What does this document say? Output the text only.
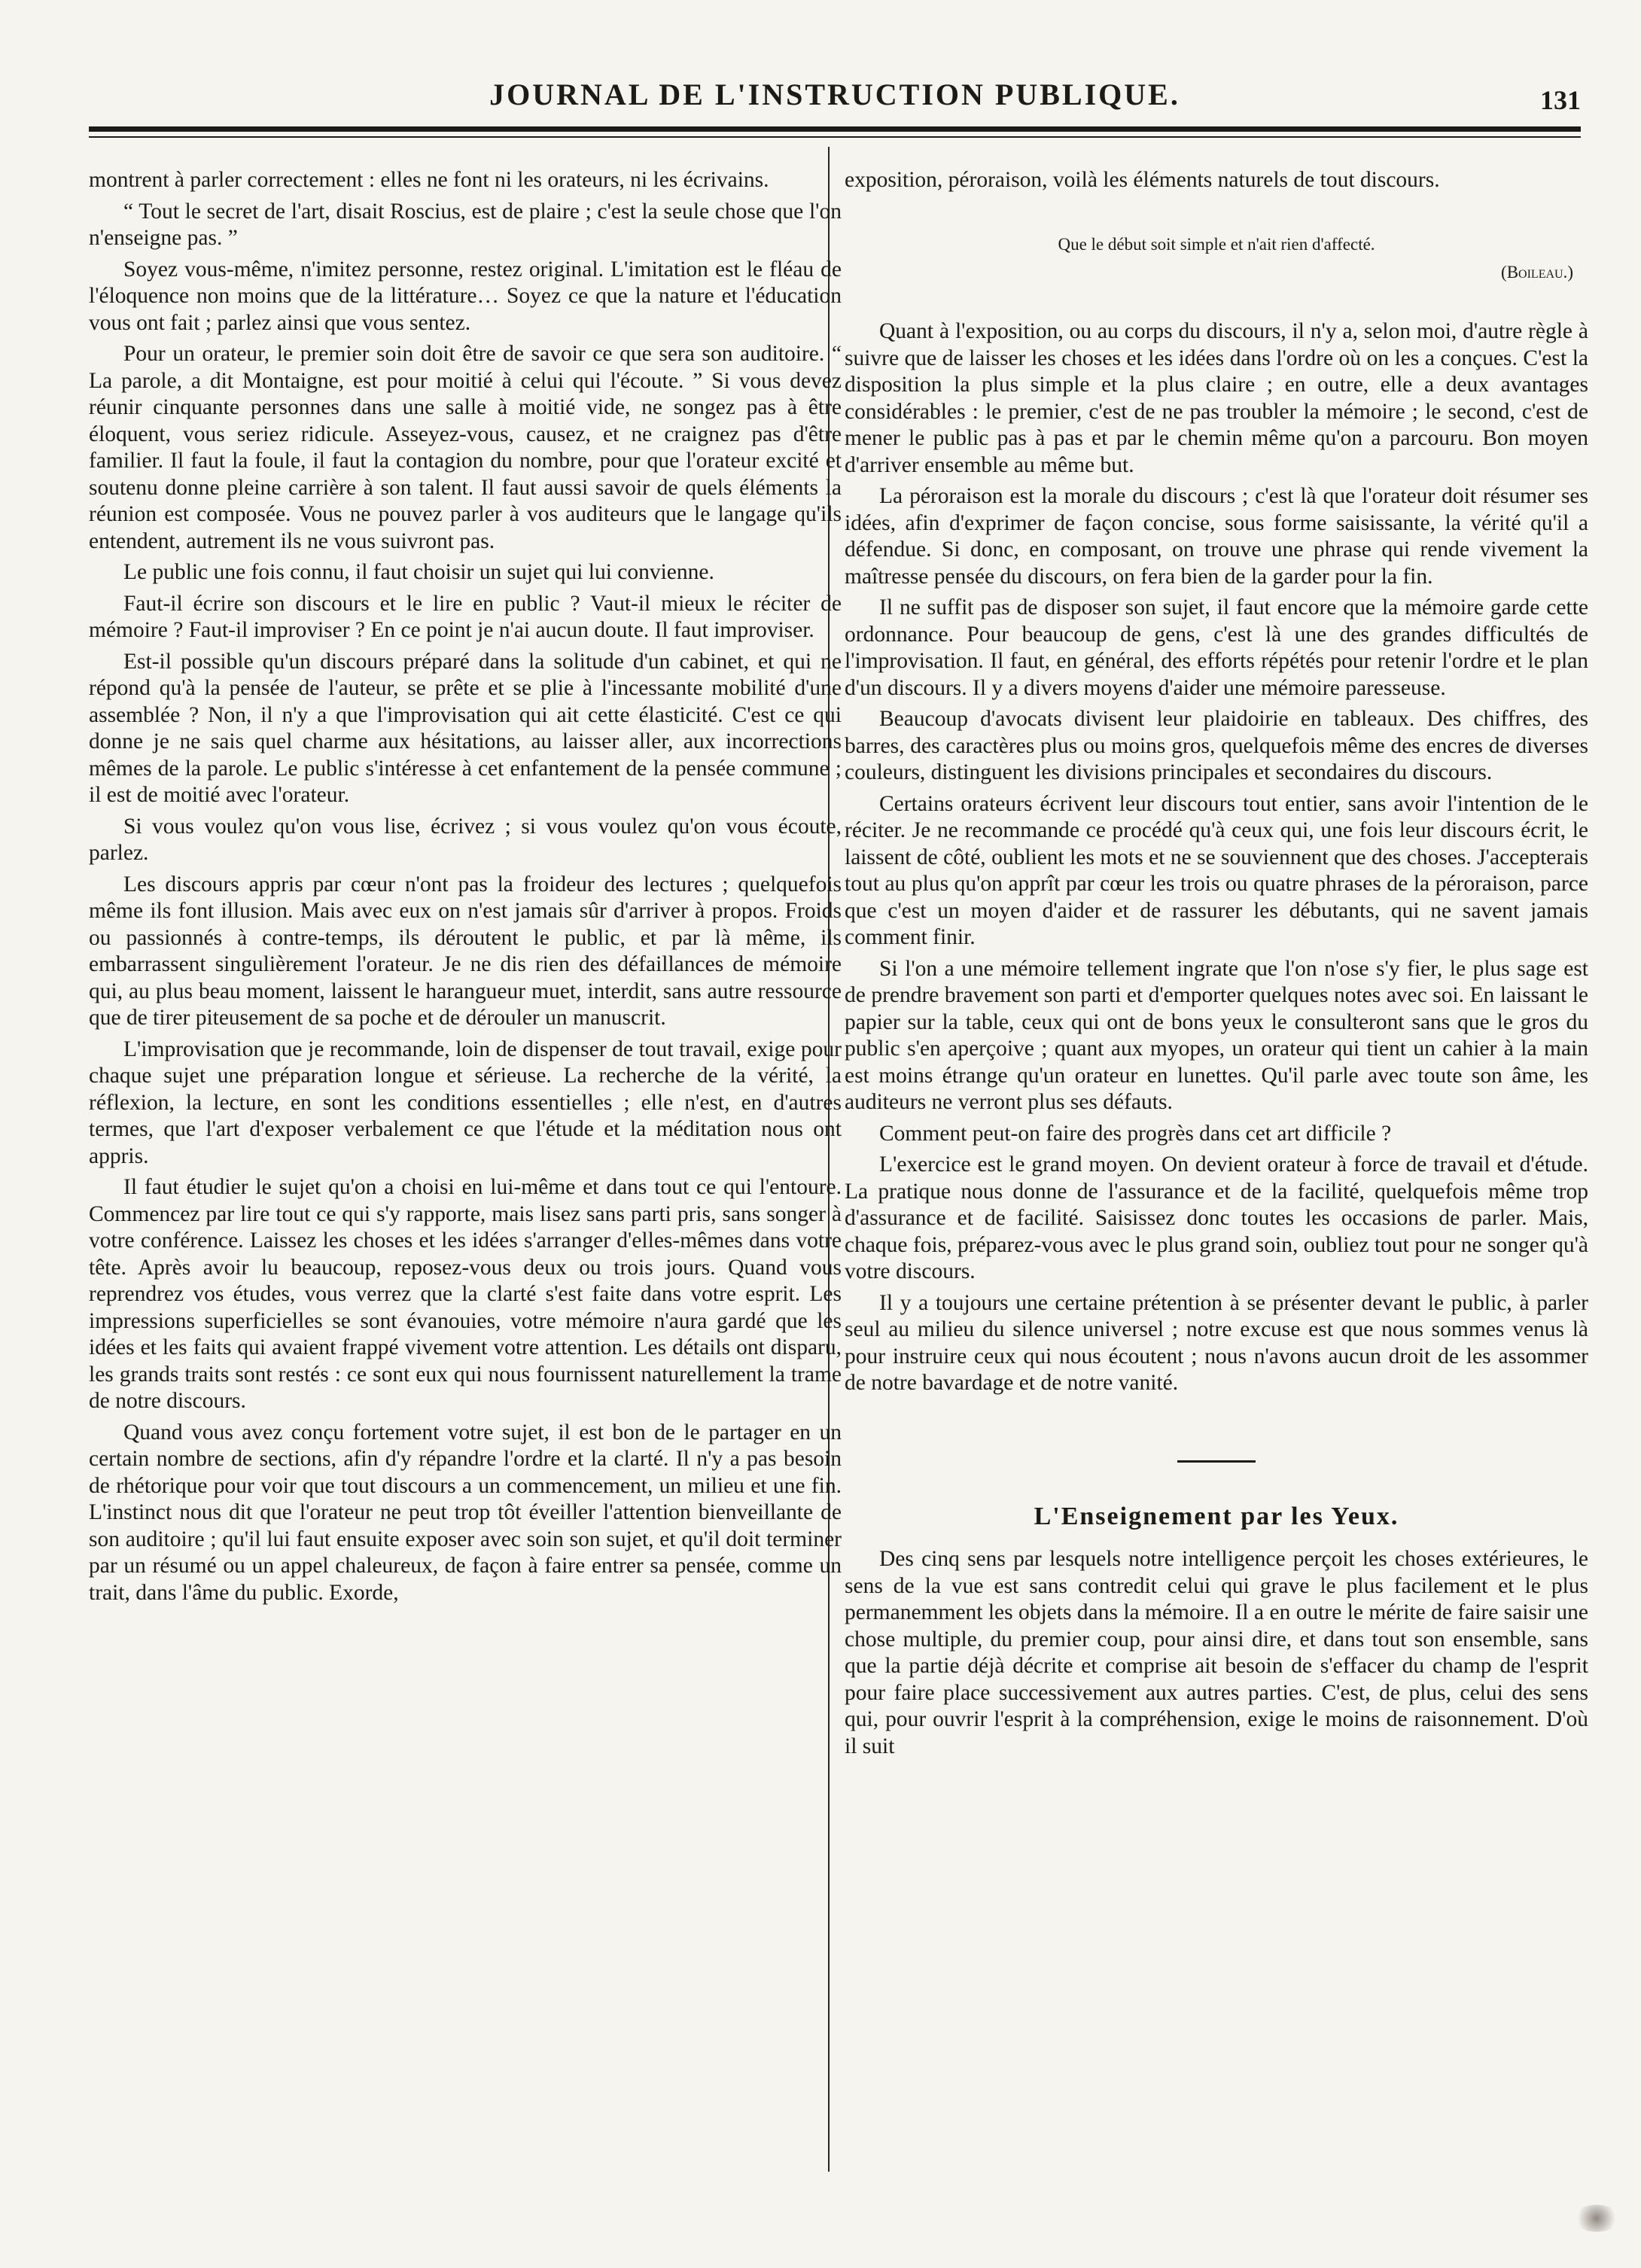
JOURNAL DE L'INSTRUCTION PUBLIQUE.	131

montrent à parler correctement : elles ne font ni les orateurs, ni les écrivains.

“ Tout le secret de l'art, disait Roscius, est de plaire ; c'est la seule chose que l'on n'enseigne pas. ”

Soyez vous-même, n'imitez personne, restez original. L'imitation est le fléau de l'éloquence non moins que de la littérature… Soyez ce que la nature et l'éducation vous ont fait ; parlez ainsi que vous sentez.

Pour un orateur, le premier soin doit être de savoir ce que sera son auditoire. “ La parole, a dit Montaigne, est pour moitié à celui qui l'écoute. ” Si vous devez réunir cinquante personnes dans une salle à moitié vide, ne songez pas à être éloquent, vous seriez ridicule. Asseyez-vous, causez, et ne craignez pas d'être familier. Il faut la foule, il faut la contagion du nombre, pour que l'orateur excité et soutenu donne pleine carrière à son talent. Il faut aussi savoir de quels éléments la réunion est composée. Vous ne pouvez parler à vos auditeurs que le langage qu'ils entendent, autrement ils ne vous suivront pas.

Le public une fois connu, il faut choisir un sujet qui lui convienne.

Faut-il écrire son discours et le lire en public ? Vaut-il mieux le réciter de mémoire ? Faut-il improviser ? En ce point je n'ai aucun doute. Il faut improviser.

Est-il possible qu'un discours préparé dans la solitude d'un cabinet, et qui ne répond qu'à la pensée de l'auteur, se prête et se plie à l'incessante mobilité d'une assemblée ? Non, il n'y a que l'improvisation qui ait cette élasticité. C'est ce qui donne je ne sais quel charme aux hésitations, au laisser aller, aux incorrections mêmes de la parole. Le public s'intéresse à cet enfantement de la pensée commune ; il est de moitié avec l'orateur.

Si vous voulez qu'on vous lise, écrivez ; si vous voulez qu'on vous écoute, parlez.

Les discours appris par cœur n'ont pas la froideur des lectures ; quelquefois même ils font illusion. Mais avec eux on n'est jamais sûr d'arriver à propos. Froids ou passionnés à contre-temps, ils déroutent le public, et par là même, ils embarrassent singulièrement l'orateur. Je ne dis rien des défaillances de mémoire qui, au plus beau moment, laissent le harangueur muet, interdit, sans autre ressource que de tirer piteusement de sa poche et de dérouler un manuscrit.

L'improvisation que je recommande, loin de dispenser de tout travail, exige pour chaque sujet une préparation longue et sérieuse. La recherche de la vérité, la réflexion, la lecture, en sont les conditions essentielles ; elle n'est, en d'autres termes, que l'art d'exposer verbalement ce que l'étude et la méditation nous ont appris.

Il faut étudier le sujet qu'on a choisi en lui-même et dans tout ce qui l'entoure. Commencez par lire tout ce qui s'y rapporte, mais lisez sans parti pris, sans songer à votre conférence. Laissez les choses et les idées s'arranger d'elles-mêmes dans votre tête. Après avoir lu beaucoup, reposez-vous deux ou trois jours. Quand vous reprendrez vos études, vous verrez que la clarté s'est faite dans votre esprit. Les impressions superficielles se sont évanouies, votre mémoire n'aura gardé que les idées et les faits qui avaient frappé vivement votre attention. Les détails ont disparu, les grands traits sont restés : ce sont eux qui nous fournissent naturellement la trame de notre discours.

Quand vous avez conçu fortement votre sujet, il est bon de le partager en un certain nombre de sections, afin d'y répandre l'ordre et la clarté. Il n'y a pas besoin de rhétorique pour voir que tout discours a un commencement, un milieu et une fin. L'instinct nous dit que l'orateur ne peut trop tôt éveiller l'attention bienveillante de son auditoire ; qu'il lui faut ensuite exposer avec soin son sujet, et qu'il doit terminer par un résumé ou un appel chaleureux, de façon à faire entrer sa pensée, comme un trait, dans l'âme du public. Exorde,

exposition, péroraison, voilà les éléments naturels de tout discours.

Que le début soit simple et n'ait rien d'affecté.
(Boileau.)

Quant à l'exposition, ou au corps du discours, il n'y a, selon moi, d'autre règle à suivre que de laisser les choses et les idées dans l'ordre où on les a conçues. C'est la disposition la plus simple et la plus claire ; en outre, elle a deux avantages considérables : le premier, c'est de ne pas troubler la mémoire ; le second, c'est de mener le public pas à pas et par le chemin même qu'on a parcouru. Bon moyen d'arriver ensemble au même but.

La péroraison est la morale du discours ; c'est là que l'orateur doit résumer ses idées, afin d'exprimer de façon concise, sous forme saisissante, la vérité qu'il a défendue. Si donc, en composant, on trouve une phrase qui rende vivement la maîtresse pensée du discours, on fera bien de la garder pour la fin.

Il ne suffit pas de disposer son sujet, il faut encore que la mémoire garde cette ordonnance. Pour beaucoup de gens, c'est là une des grandes difficultés de l'improvisation. Il faut, en général, des efforts répétés pour retenir l'ordre et le plan d'un discours. Il y a divers moyens d'aider une mémoire paresseuse.

Beaucoup d'avocats divisent leur plaidoirie en tableaux. Des chiffres, des barres, des caractères plus ou moins gros, quelquefois même des encres de diverses couleurs, distinguent les divisions principales et secondaires du discours.

Certains orateurs écrivent leur discours tout entier, sans avoir l'intention de le réciter. Je ne recommande ce procédé qu'à ceux qui, une fois leur discours écrit, le laissent de côté, oublient les mots et ne se souviennent que des choses. J'accepterais tout au plus qu'on apprît par cœur les trois ou quatre phrases de la péroraison, parce que c'est un moyen d'aider et de rassurer les débutants, qui ne savent jamais comment finir.

Si l'on a une mémoire tellement ingrate que l'on n'ose s'y fier, le plus sage est de prendre bravement son parti et d'emporter quelques notes avec soi. En laissant le papier sur la table, ceux qui ont de bons yeux le consulteront sans que le gros du public s'en aperçoive ; quant aux myopes, un orateur qui tient un cahier à la main est moins étrange qu'un orateur en lunettes. Qu'il parle avec toute son âme, les auditeurs ne verront plus ses défauts.

Comment peut-on faire des progrès dans cet art difficile ?

L'exercice est le grand moyen. On devient orateur à force de travail et d'étude. La pratique nous donne de l'assurance et de la facilité, quelquefois même trop d'assurance et de facilité. Saisissez donc toutes les occasions de parler. Mais, chaque fois, préparez-vous avec le plus grand soin, oubliez tout pour ne songer qu'à votre discours.

Il y a toujours une certaine prétention à se présenter devant le public, à parler seul au milieu du silence universel ; notre excuse est que nous sommes venus là pour instruire ceux qui nous écoutent ; nous n'avons aucun droit de les assommer de notre bavardage et de notre vanité.

L'Enseignement par les Yeux.

Des cinq sens par lesquels notre intelligence perçoit les choses extérieures, le sens de la vue est sans contredit celui qui grave le plus facilement et le plus permanemment les objets dans la mémoire. Il a en outre le mérite de faire saisir une chose multiple, du premier coup, pour ainsi dire, et dans tout son ensemble, sans que la partie déjà décrite et comprise ait besoin de s'effacer du champ de l'esprit pour faire place successivement aux autres parties. C'est, de plus, celui des sens qui, pour ouvrir l'esprit à la compréhension, exige le moins de raisonnement. D'où il suit
